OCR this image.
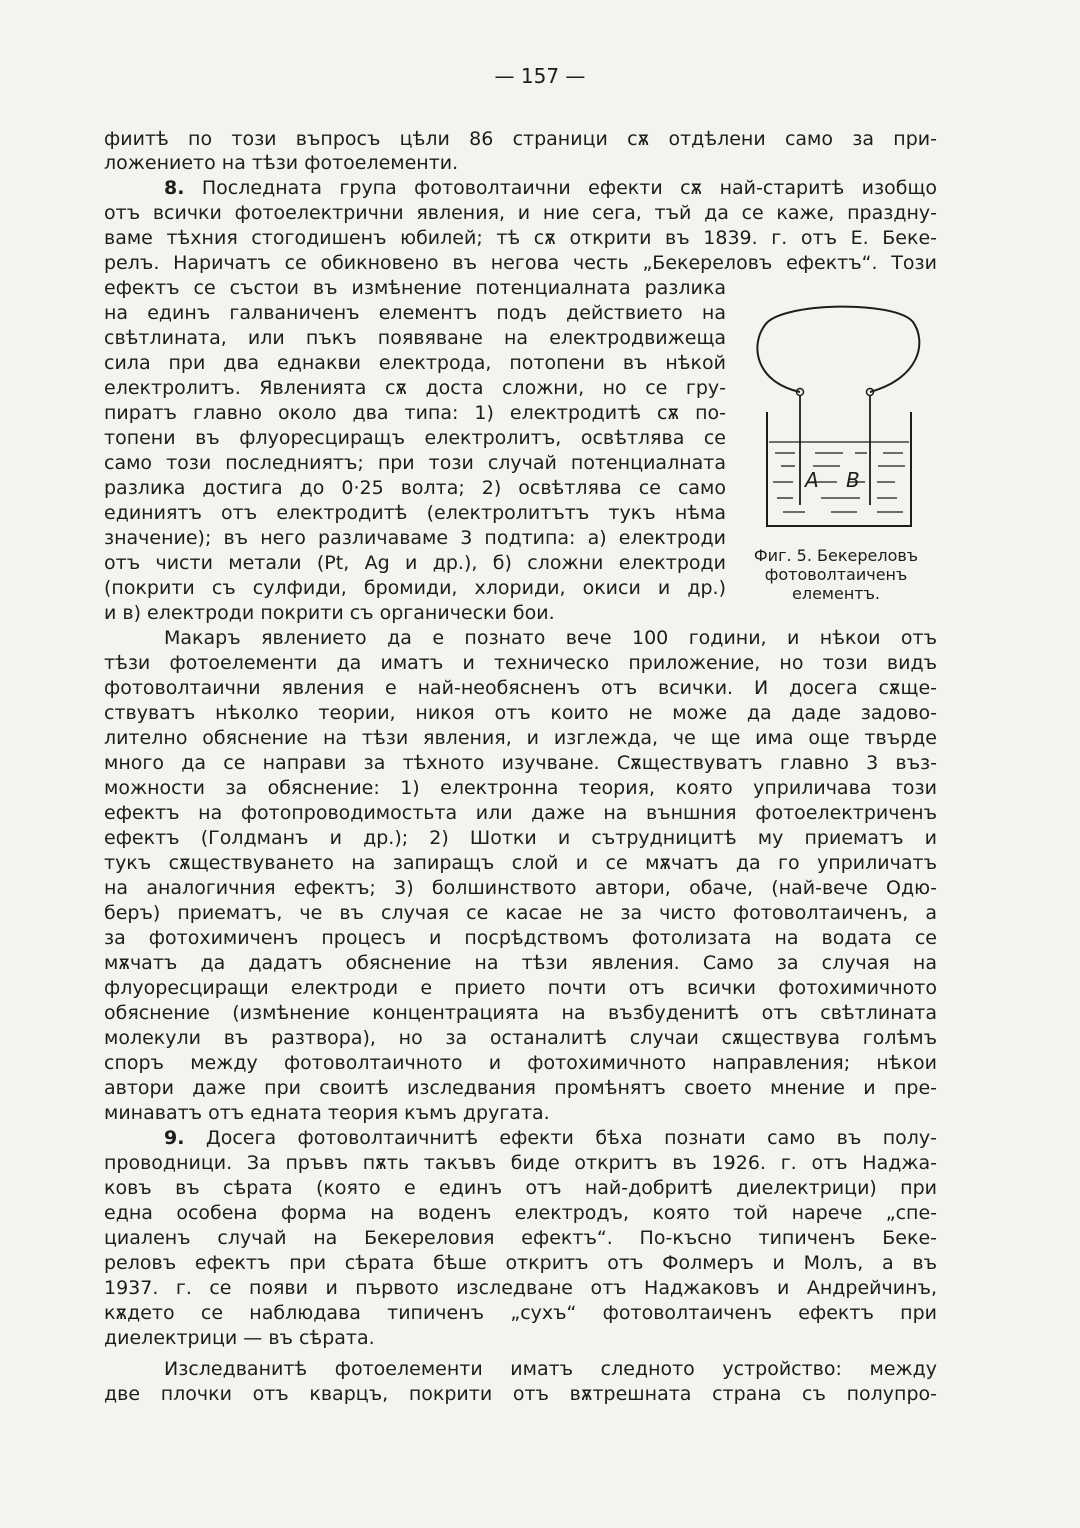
— 157 —
фиитѣ по този въпросъ цѣли 86 страници сѫ отдѣлени само за при-
ложението на тѣзи фотоелементи.
8. Последната група фотоволтаични ефекти сѫ най-старитѣ изобщо
отъ всички фотоелектрични явления, и ние сега, тъй да се каже, праздну-
ваме тѣхния стогодишенъ юбилей; тѣ сѫ открити въ 1839. г. отъ Е. Беке-
релъ. Наричатъ се обикновено въ негова честь „Бекереловъ ефектъ“. Този
ефектъ се състои въ измѣнение потенциалната разлика
на единъ галваниченъ елементъ подъ действието на
свѣтлината, или пъкъ появяване на електродвижеща
сила при два еднакви електрода, потопени въ нѣкой
електролитъ. Явленията сѫ доста сложни, но се гру-
пиратъ главно около два типа: 1) електродитѣ сѫ по-
топени въ флуоресциращъ електролитъ, освѣтлява се
само този последниятъ; при този случай потенциалната
разлика достига до 0·25 волта; 2) освѣтлява се само
единиятъ отъ електродитѣ (електролитътъ тукъ нѣма
значение); въ него различаваме 3 подтипа: а) електроди
отъ чисти метали (Pt, Ag и др.), б) сложни електроди
(покрити съ сулфиди, бромиди, хлориди, окиси и др.)
и в) електроди покрити съ органически бои.
Макаръ явлението да е познато вече 100 години, и нѣкои отъ
тѣзи фотоелементи да иматъ и техническо приложение, но този видъ
фотоволтаични явления е най-необясненъ отъ всички. И досега сѫще-
ствуватъ нѣколко теории, никоя отъ които не може да даде задово-
лително обяснение на тѣзи явления, и изглежда, че ще има още твърде
много да се направи за тѣхното изучване. Сѫществуватъ главно 3 въз-
можности за обяснение: 1) електронна теория, която уприличава този
ефектъ на фотопроводимостьта или даже на външния фотоелектриченъ
ефектъ (Голдманъ и др.); 2) Шотки и сътрудницитѣ му приематъ и
тукъ сѫществуването на запиращъ слой и се мѫчатъ да го уприличатъ
на аналогичния ефектъ; 3) болшинството автори, обаче, (най-вече Одю-
беръ) приематъ, че въ случая се касае не за чисто фотоволтаиченъ, а
за фотохимиченъ процесъ и посрѣдствомъ фотолизата на водата се
мѫчатъ да дадатъ обяснение на тѣзи явления. Само за случая на
флуоресциращи електроди е прието почти отъ всички фотохимичното
обяснение (измѣнение концентрацията на възбуденитѣ отъ свѣтлината
молекули въ разтвора), но за останалитѣ случаи сѫществува голѣмъ
споръ между фотоволтаичното и фотохимичното направления; нѣкои
автори даже при своитѣ изследвания промѣнятъ своето мнение и пре-
минаватъ отъ едната теория къмъ другата.
9. Досега фотоволтаичнитѣ ефекти бѣха познати само въ полу-
проводници. За пръвъ пѫть такъвъ биде откритъ въ 1926. г. отъ Наджа-
ковъ въ сѣрата (която е единъ отъ най-добритѣ диелектрици) при
една особена форма на воденъ електродъ, която той нарече „спе-
циаленъ случай на Бекереловия ефектъ“. По-късно типиченъ Беке-
реловъ ефектъ при сѣрата бѣше откритъ отъ Фолмеръ и Молъ, а въ
1937. г. се появи и първото изследване отъ Наджаковъ и Андрейчинъ,
кѫдето се наблюдава типиченъ „сухъ“ фотоволтаиченъ ефектъ при
диелектрици — въ сѣрата.
Изследванитѣ фотоелементи иматъ следното устройство: между
две плочки отъ кварцъ, покрити отъ вѫтрешната страна съ полупро-
A B
Фиг. 5. Бекереловъ фотоволтаиченъ елементъ.
